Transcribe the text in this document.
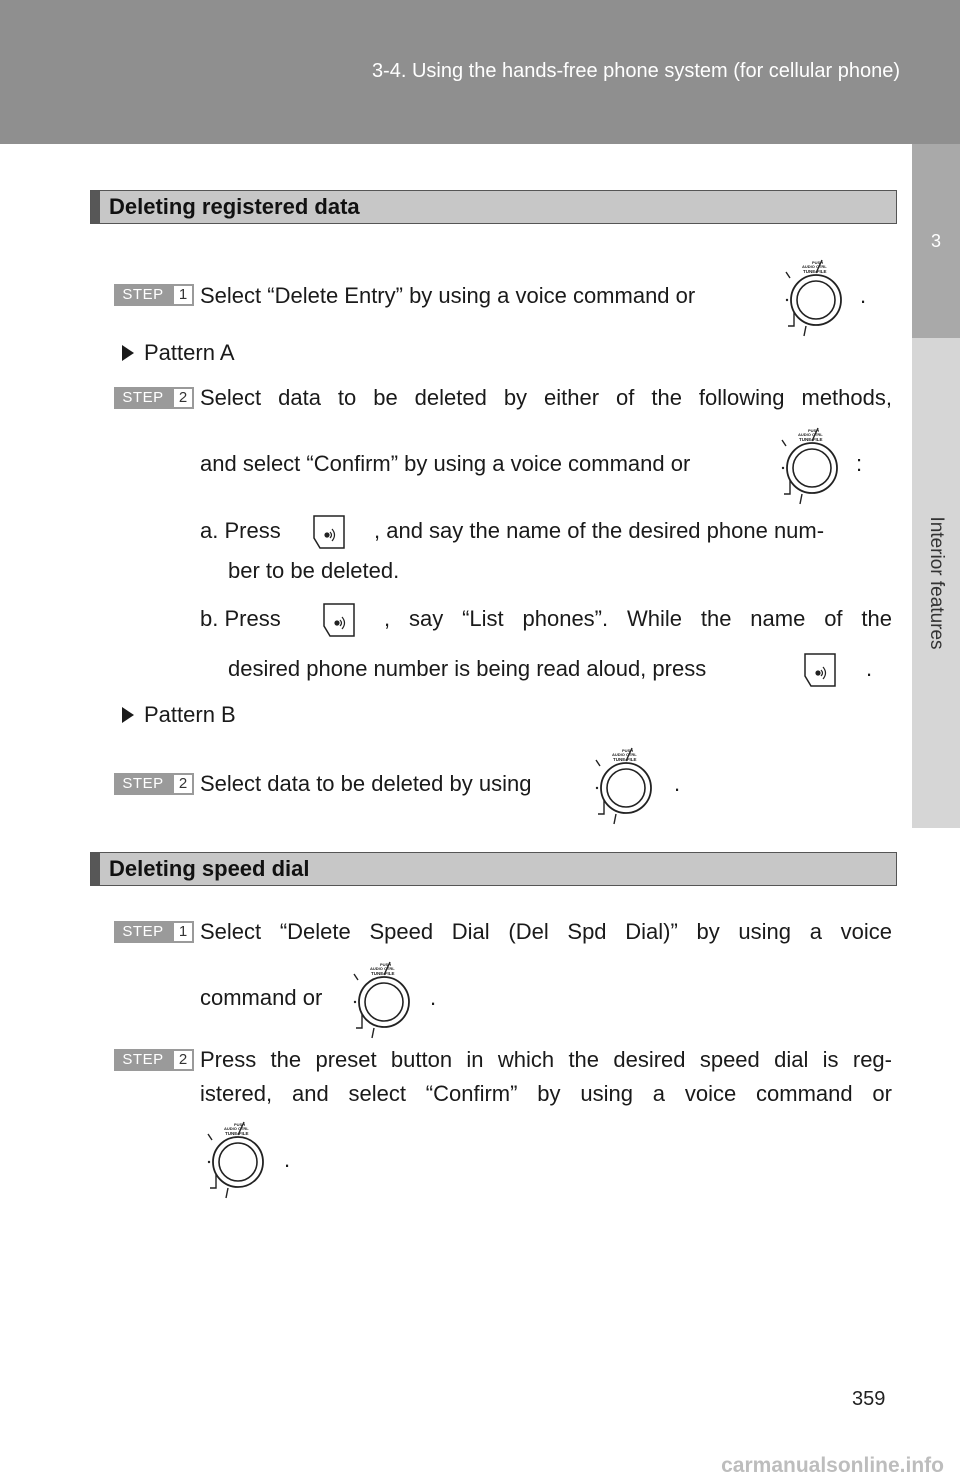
3-4. Using the hands-free phone system (for cellular phone)
3
Interior features
Deleting registered data
STEP	1 Select “Delete Entry” by using a voice command or
PUSH
AUDIO CTRL
TUNE·FILE
.
Pattern A
STEP	2 Select data to be deleted by either of the following methods,
and select “Confirm” by using a voice command or
PUSH
AUDIO CTRL
TUNE·FILE
:
a. Press	, and say the name of the desired phone num-
ber to be deleted.
b. Press	, say “List phones”. While the name of the
desired phone number is being read aloud, press	.
Pattern B
STEP	2 Select data to be deleted by using
PUSH
AUDIO CTRL
TUNE·FILE
.
Deleting speed dial
STEP	1 Select “Delete Speed Dial (Del Spd Dial)” by using a voice
command or
PUSH
AUDIO CTRL
TUNE·FILE
.
STEP	2 Press the preset button in which the desired speed dial is reg-
istered, and select “Confirm” by using a voice command or
PUSH
AUDIO CTRL
TUNE·FILE
.
359
carmanualsonline.info
